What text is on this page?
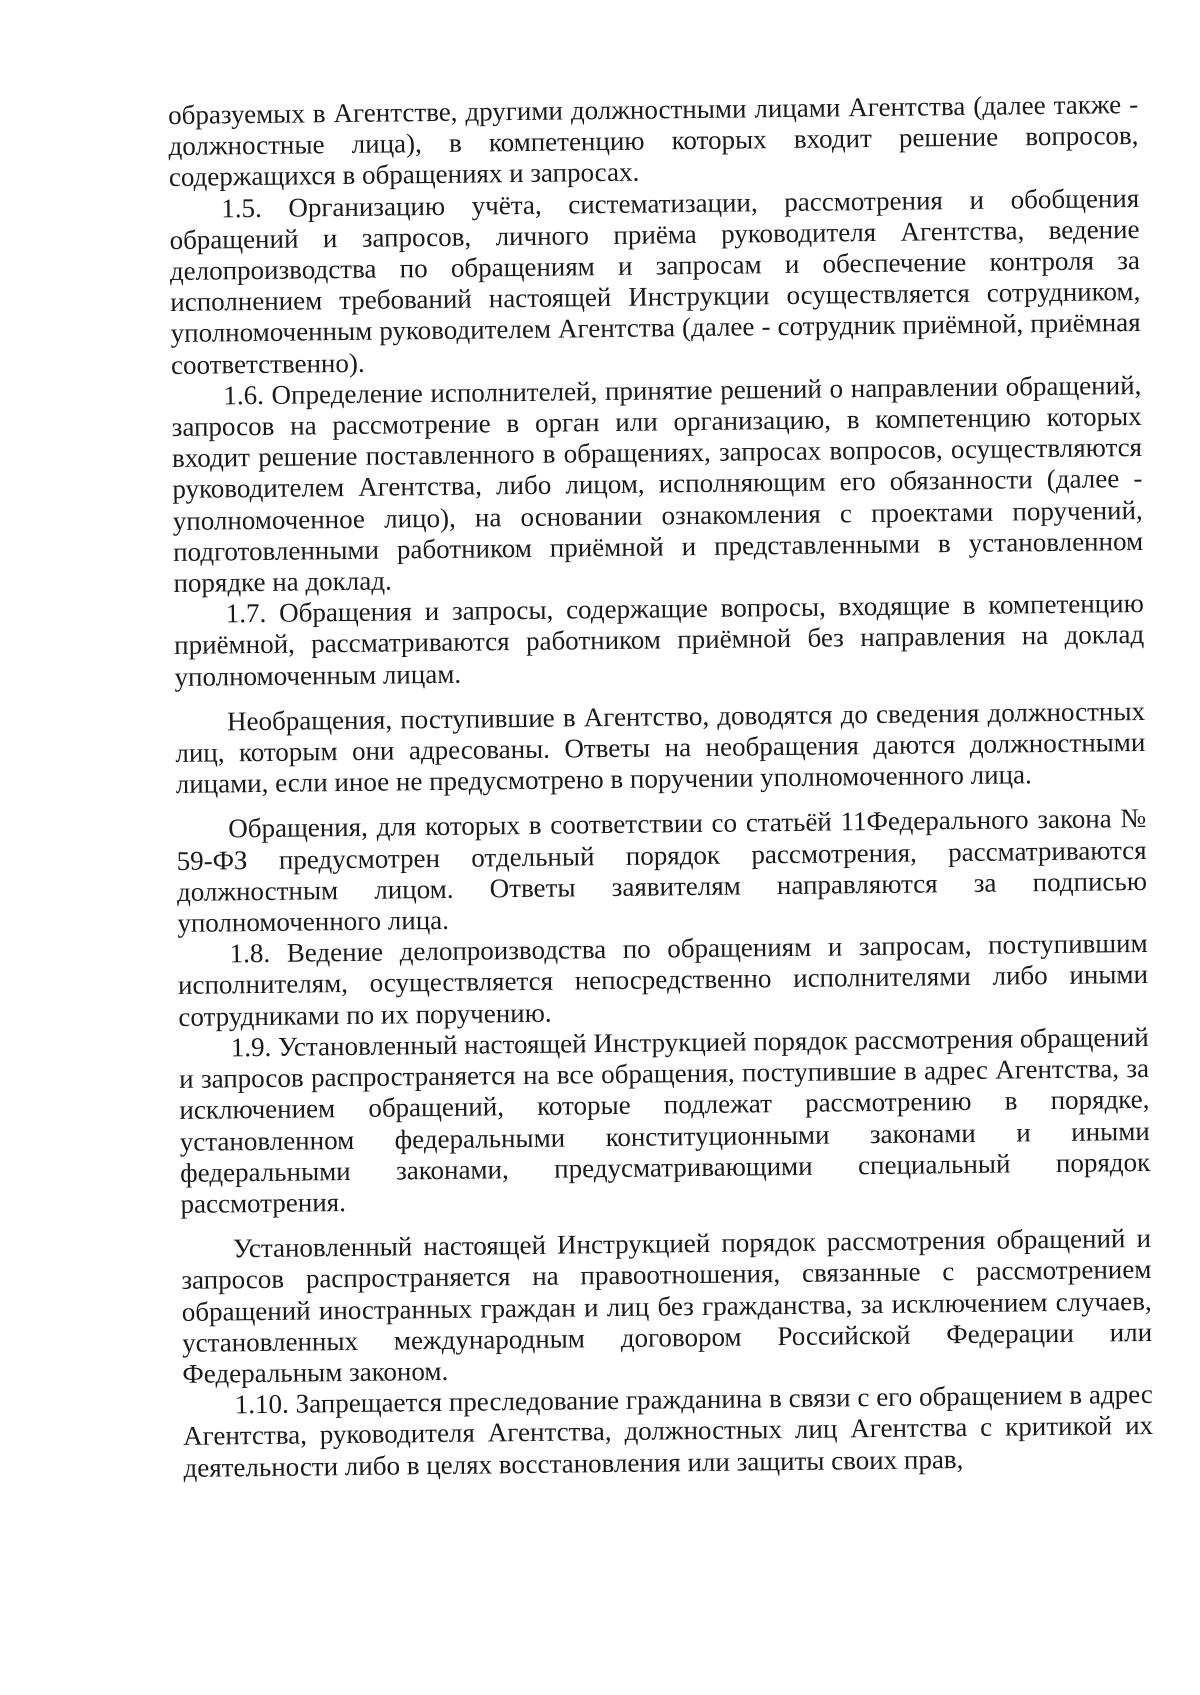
образуемых в Агентстве, другими должностными лицами Агентства (далее также - должностные лица), в компетенцию которых входит решение вопросов, содержащихся в обращениях и запросах.

1.5. Организацию учёта, систематизации, рассмотрения и обобщения обращений и запросов, личного приёма руководителя Агентства, ведение делопроизводства по обращениям и запросам и обеспечение контроля за исполнением требований настоящей Инструкции осуществляется сотрудником, уполномоченным руководителем Агентства (далее - сотрудник приёмной, приёмная соответственно).

1.6. Определение исполнителей, принятие решений о направлении обращений, запросов на рассмотрение в орган или организацию, в компетенцию которых входит решение поставленного в обращениях, запросах вопросов, осуществляются руководителем Агентства, либо лицом, исполняющим его обязанности (далее - уполномоченное лицо), на основании ознакомления с проектами поручений, подготовленными работником приёмной и представленными в установленном порядке на доклад.

1.7. Обращения и запросы, содержащие вопросы, входящие в компетенцию приёмной, рассматриваются работником приёмной без направления на доклад уполномоченным лицам.

Необращения, поступившие в Агентство, доводятся до сведения должностных лиц, которым они адресованы. Ответы на необращения даются должностными лицами, если иное не предусмотрено в поручении уполномоченного лица.

Обращения, для которых в соответствии со статьёй 11Федерального закона № 59-ФЗ предусмотрен отдельный порядок рассмотрения, рассматриваются должностным лицом. Ответы заявителям направляются за подписью уполномоченного лица.

1.8. Ведение делопроизводства по обращениям и запросам, поступившим исполнителям, осуществляется непосредственно исполнителями либо иными сотрудниками по их поручению.

1.9. Установленный настоящей Инструкцией порядок рассмотрения обращений и запросов распространяется на все обращения, поступившие в адрес Агентства, за исключением обращений, которые подлежат рассмотрению в порядке, установленном федеральными конституционными законами и иными федеральными законами, предусматривающими специальный порядок рассмотрения.

Установленный настоящей Инструкцией порядок рассмотрения обращений и запросов распространяется на правоотношения, связанные с рассмотрением обращений иностранных граждан и лиц без гражданства, за исключением случаев, установленных международным договором Российской Федерации или Федеральным законом.

1.10. Запрещается преследование гражданина в связи с его обращением в адрес Агентства, руководителя Агентства, должностных лиц Агентства с критикой их деятельности либо в целях восстановления или защиты своих прав,
